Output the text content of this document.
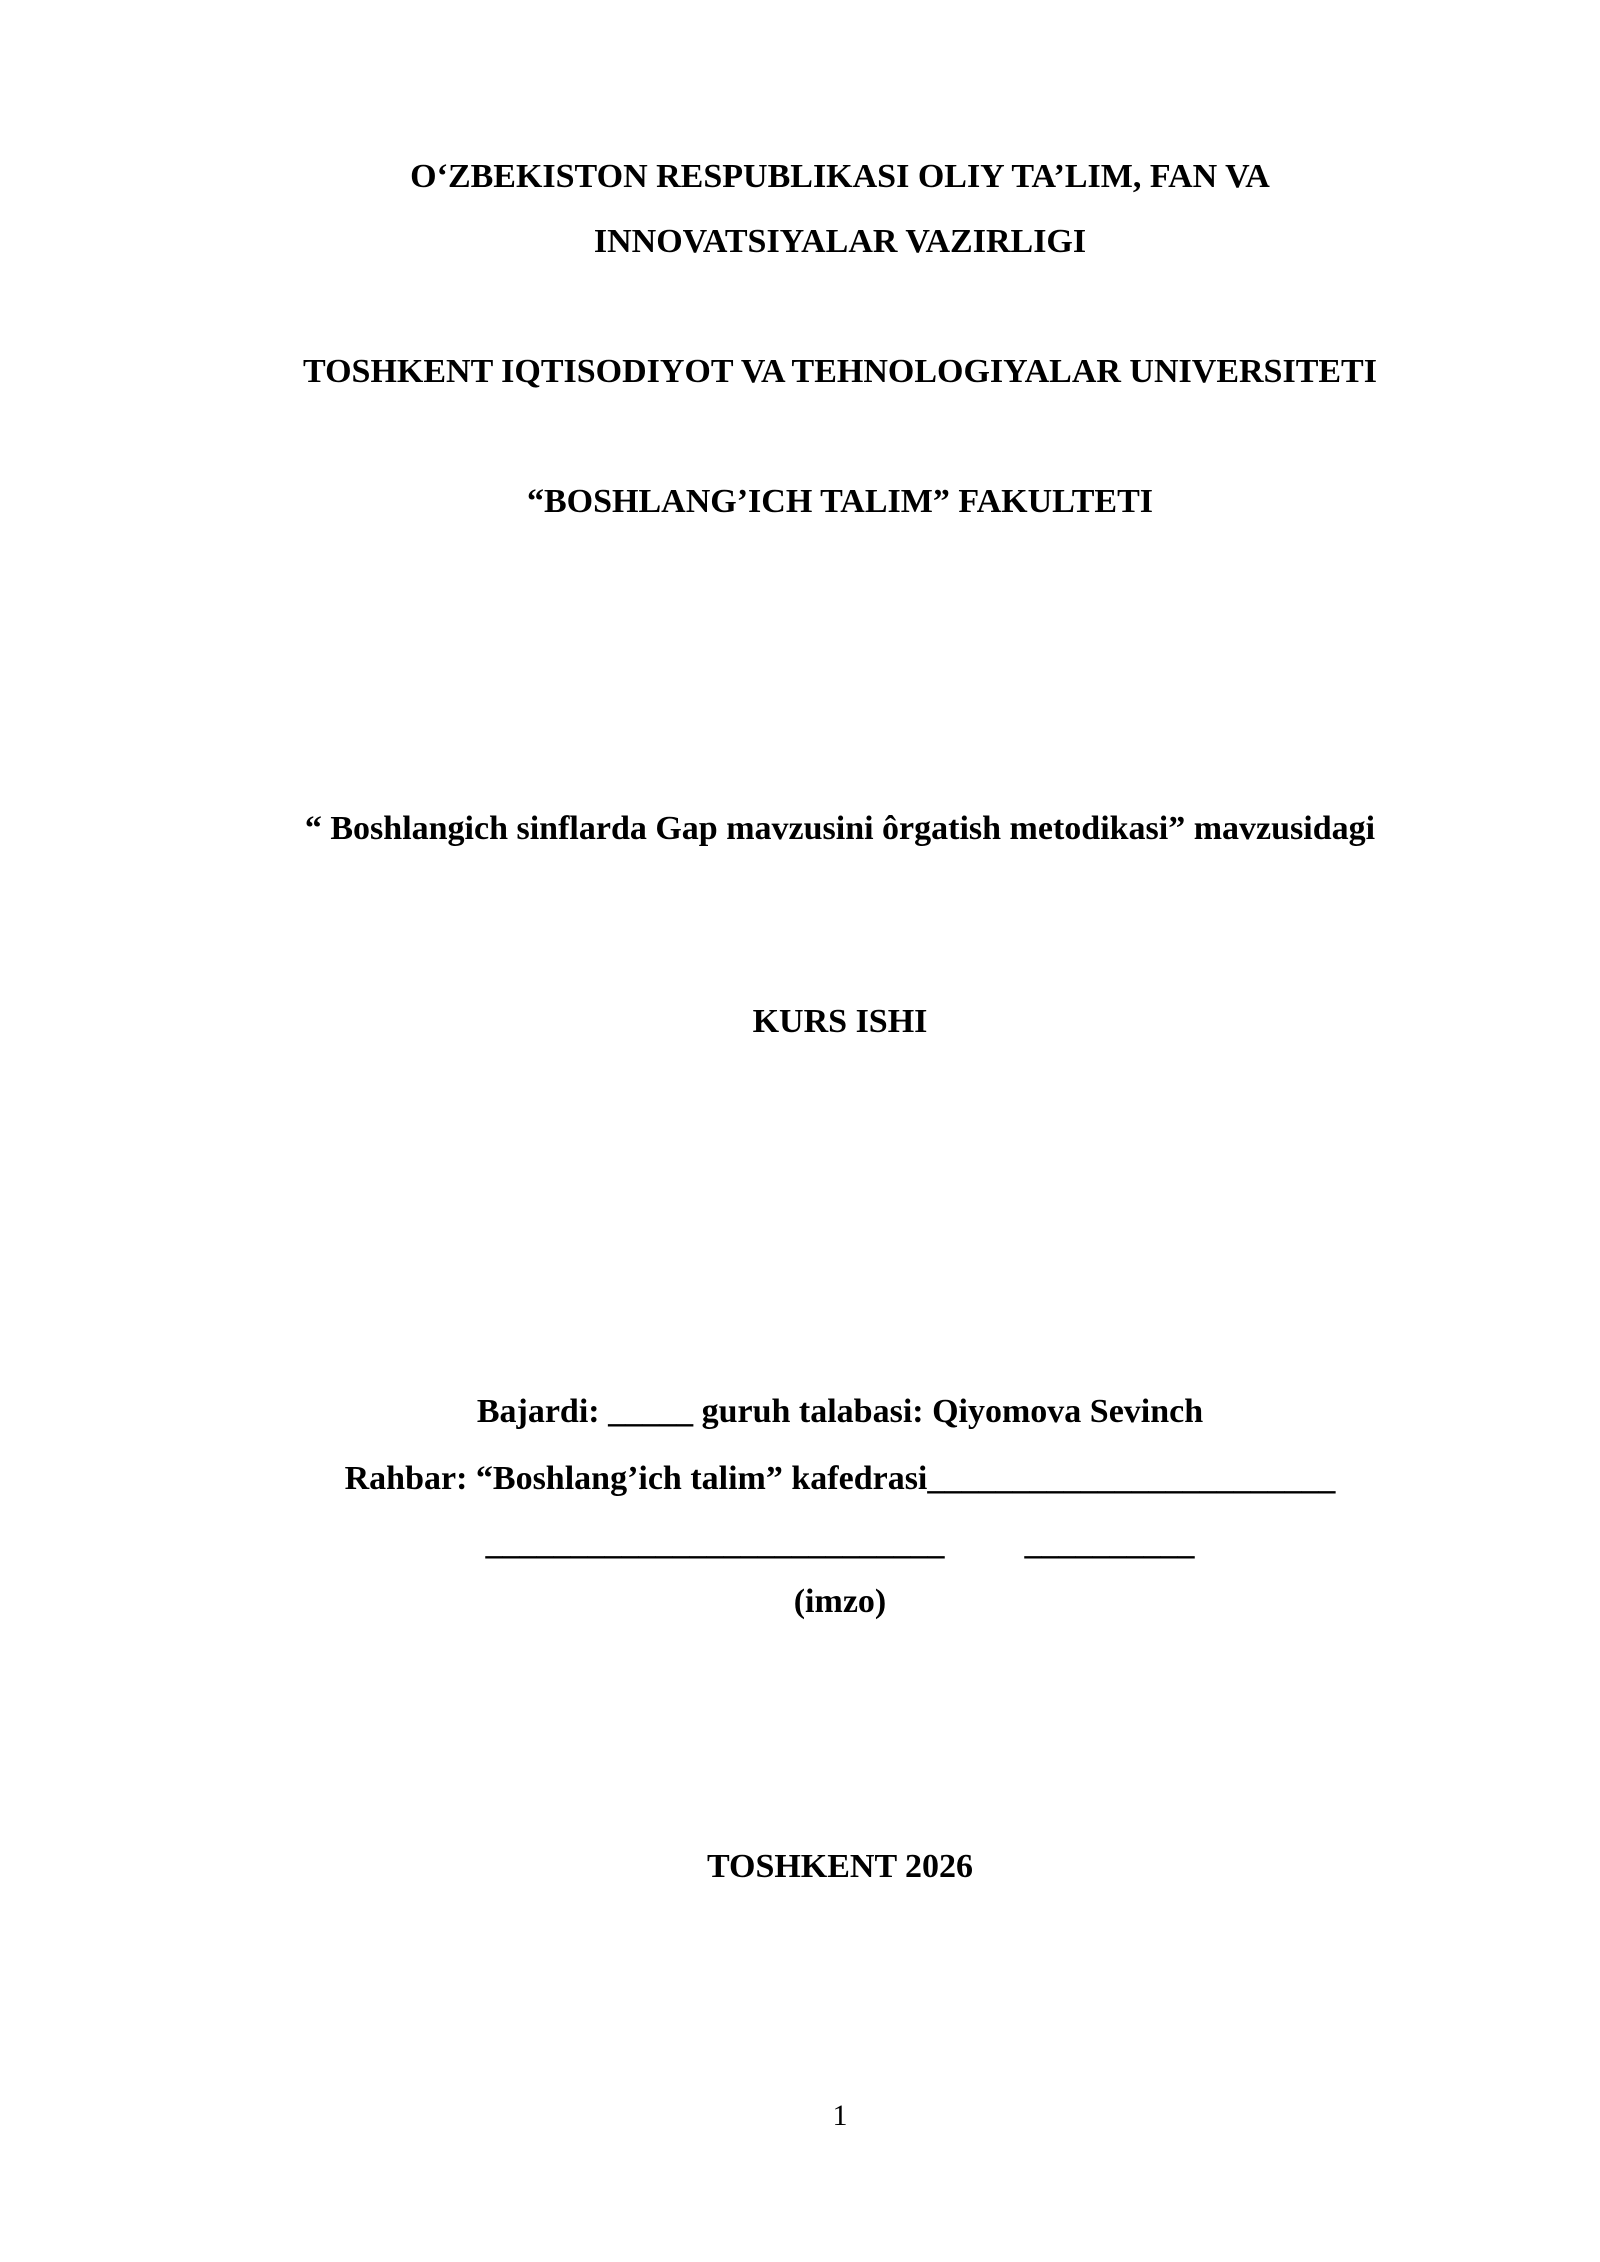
O‘ZBEKISTON RESPUBLIKASI OLIY TA’LIM, FAN VA
INNOVATSIYALAR VAZIRLIGI
TOSHKENT IQTISODIYOT VA TEHNOLOGIYALAR UNIVERSITETI
“BOSHLANG’ICH TALIM” FAKULTETI
“ Boshlangich sinflarda Gap mavzusini ôrgatish metodikasi” mavzusidagi
KURS ISHI
Bajardi: _____ guruh talabasi: Qiyomova Sevinch
Rahbar: “Boshlang’ich talim” kafedrasi________________________
___________________________ __________
(imzo)
TOSHKENT 2026
1
